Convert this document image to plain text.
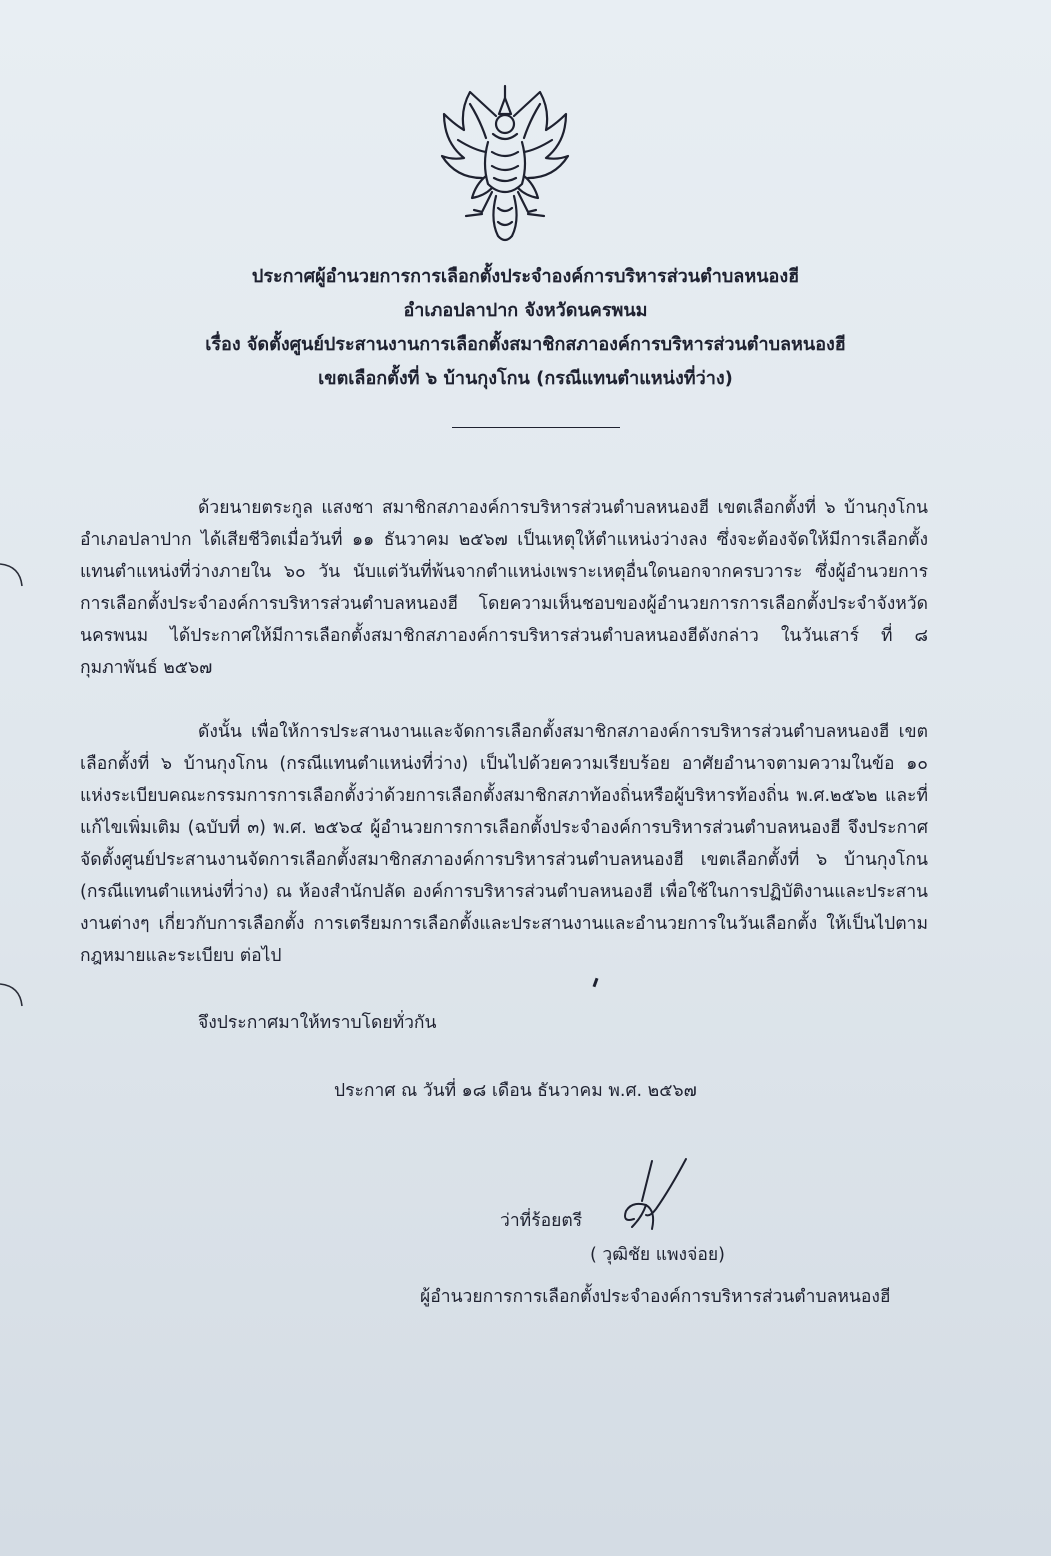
ประกาศผู้อำนวยการการเลือกตั้งประจำองค์การบริหารส่วนตำบลหนองฮี
อำเภอปลาปาก จังหวัดนครพนม
เรื่อง จัดตั้งศูนย์ประสานงานการเลือกตั้งสมาชิกสภาองค์การบริหารส่วนตำบลหนองฮี
เขตเลือกตั้งที่ ๖ บ้านกุงโกน (กรณีแทนตำแหน่งที่ว่าง)

ด้วยนายตระกูล แสงชา สมาชิกสภาองค์การบริหารส่วนตำบลหนองฮี เขตเลือกตั้งที่ ๖ บ้านกุงโกน อำเภอปลาปาก ได้เสียชีวิตเมื่อวันที่ ๑๑ ธันวาคม ๒๕๖๗ เป็นเหตุให้ตำแหน่งว่างลง ซึ่งจะต้องจัดให้มีการเลือกตั้งแทนตำแหน่งที่ว่างภายใน ๖๐ วัน นับแต่วันที่พ้นจากตำแหน่งเพราะเหตุอื่นใดนอกจากครบวาระ ซึ่งผู้อำนวยการการเลือกตั้งประจำองค์การบริหารส่วนตำบลหนองฮี โดยความเห็นชอบของผู้อำนวยการการเลือกตั้งประจำจังหวัดนครพนม ได้ประกาศให้มีการเลือกตั้งสมาชิกสภาองค์การบริหารส่วนตำบลหนองฮีดังกล่าว ในวันเสาร์ ที่ ๘ กุมภาพันธ์ ๒๕๖๗

ดังนั้น เพื่อให้การประสานงานและจัดการเลือกตั้งสมาชิกสภาองค์การบริหารส่วนตำบลหนองฮี เขตเลือกตั้งที่ ๖ บ้านกุงโกน (กรณีแทนตำแหน่งที่ว่าง) เป็นไปด้วยความเรียบร้อย อาศัยอำนาจตามความในข้อ ๑๐ แห่งระเบียบคณะกรรมการการเลือกตั้งว่าด้วยการเลือกตั้งสมาชิกสภาท้องถิ่นหรือผู้บริหารท้องถิ่น พ.ศ.๒๕๖๒ และที่แก้ไขเพิ่มเติม (ฉบับที่ ๓) พ.ศ. ๒๕๖๔ ผู้อำนวยการการเลือกตั้งประจำองค์การบริหารส่วนตำบลหนองฮี จึงประกาศจัดตั้งศูนย์ประสานงานจัดการเลือกตั้งสมาชิกสภาองค์การบริหารส่วนตำบลหนองฮี เขตเลือกตั้งที่ ๖ บ้านกุงโกน (กรณีแทนตำแหน่งที่ว่าง) ณ ห้องสำนักปลัด องค์การบริหารส่วนตำบลหนองฮี เพื่อใช้ในการปฏิบัติงานและประสานงานต่างๆ เกี่ยวกับการเลือกตั้ง การเตรียมการเลือกตั้งและประสานงานและอำนวยการในวันเลือกตั้ง ให้เป็นไปตามกฎหมายและระเบียบ ต่อไป

จึงประกาศมาให้ทราบโดยทั่วกัน

ประกาศ ณ วันที่ ๑๘ เดือน ธันวาคม พ.ศ. ๒๕๖๗

ว่าที่ร้อยตรี

( วุฒิชัย แพงจ่อย)

ผู้อำนวยการการเลือกตั้งประจำองค์การบริหารส่วนตำบลหนองฮี
